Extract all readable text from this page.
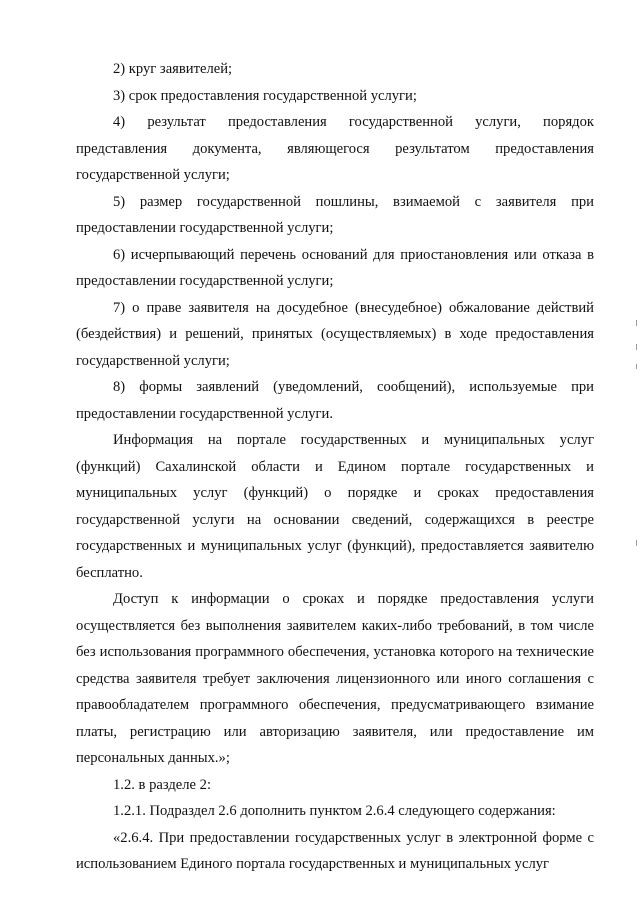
2) круг заявителей;

3) срок предоставления государственной услуги;

4) результат предоставления государственной услуги, порядок представления документа, являющегося результатом предоставления государственной услуги;

5) размер государственной пошлины, взимаемой с заявителя при предоставлении государственной услуги;

6) исчерпывающий перечень оснований для приостановления или отказа в предоставлении государственной услуги;

7) о праве заявителя на досудебное (внесудебное) обжалование действий (бездействия) и решений, принятых (осуществляемых) в ходе предоставления государственной услуги;

8) формы заявлений (уведомлений, сообщений), используемые при предоставлении государственной услуги.

Информация на портале государственных и муниципальных услуг (функций) Сахалинской области и Едином портале государственных и муниципальных услуг (функций) о порядке и сроках предоставления государственной услуги на основании сведений, содержащихся в реестре государственных и муниципальных услуг (функций), предоставляется заявителю бесплатно.

Доступ к информации о сроках и порядке предоставления услуги осуществляется без выполнения заявителем каких-либо требований, в том числе без использования программного обеспечения, установка которого на технические средства заявителя требует заключения лицензионного или иного соглашения с правообладателем программного обеспечения, предусматривающего взимание платы, регистрацию или авторизацию заявителя, или предоставление им персональных данных.»;

1.2. в разделе 2:

1.2.1. Подраздел 2.6 дополнить пунктом 2.6.4 следующего содержания:

«2.6.4. При предоставлении государственных услуг в электронной форме с использованием Единого портала государственных и муниципальных услуг
